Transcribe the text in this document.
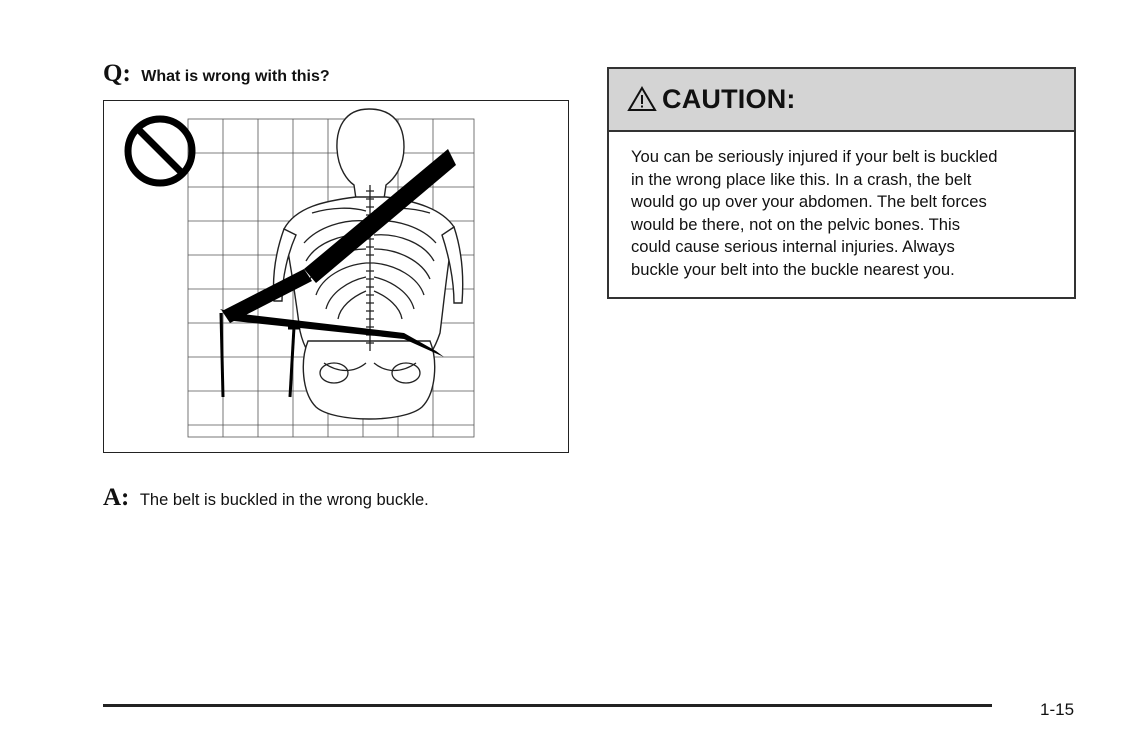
Q: What is wrong with this?
A: The belt is buckled in the wrong buckle.
CAUTION:
You can be seriously injured if your belt is buckled
in the wrong place like this. In a crash, the belt
would go up over your abdomen. The belt forces
would be there, not on the pelvic bones. This
could cause serious internal injuries. Always
buckle your belt into the buckle nearest you.
1-15
